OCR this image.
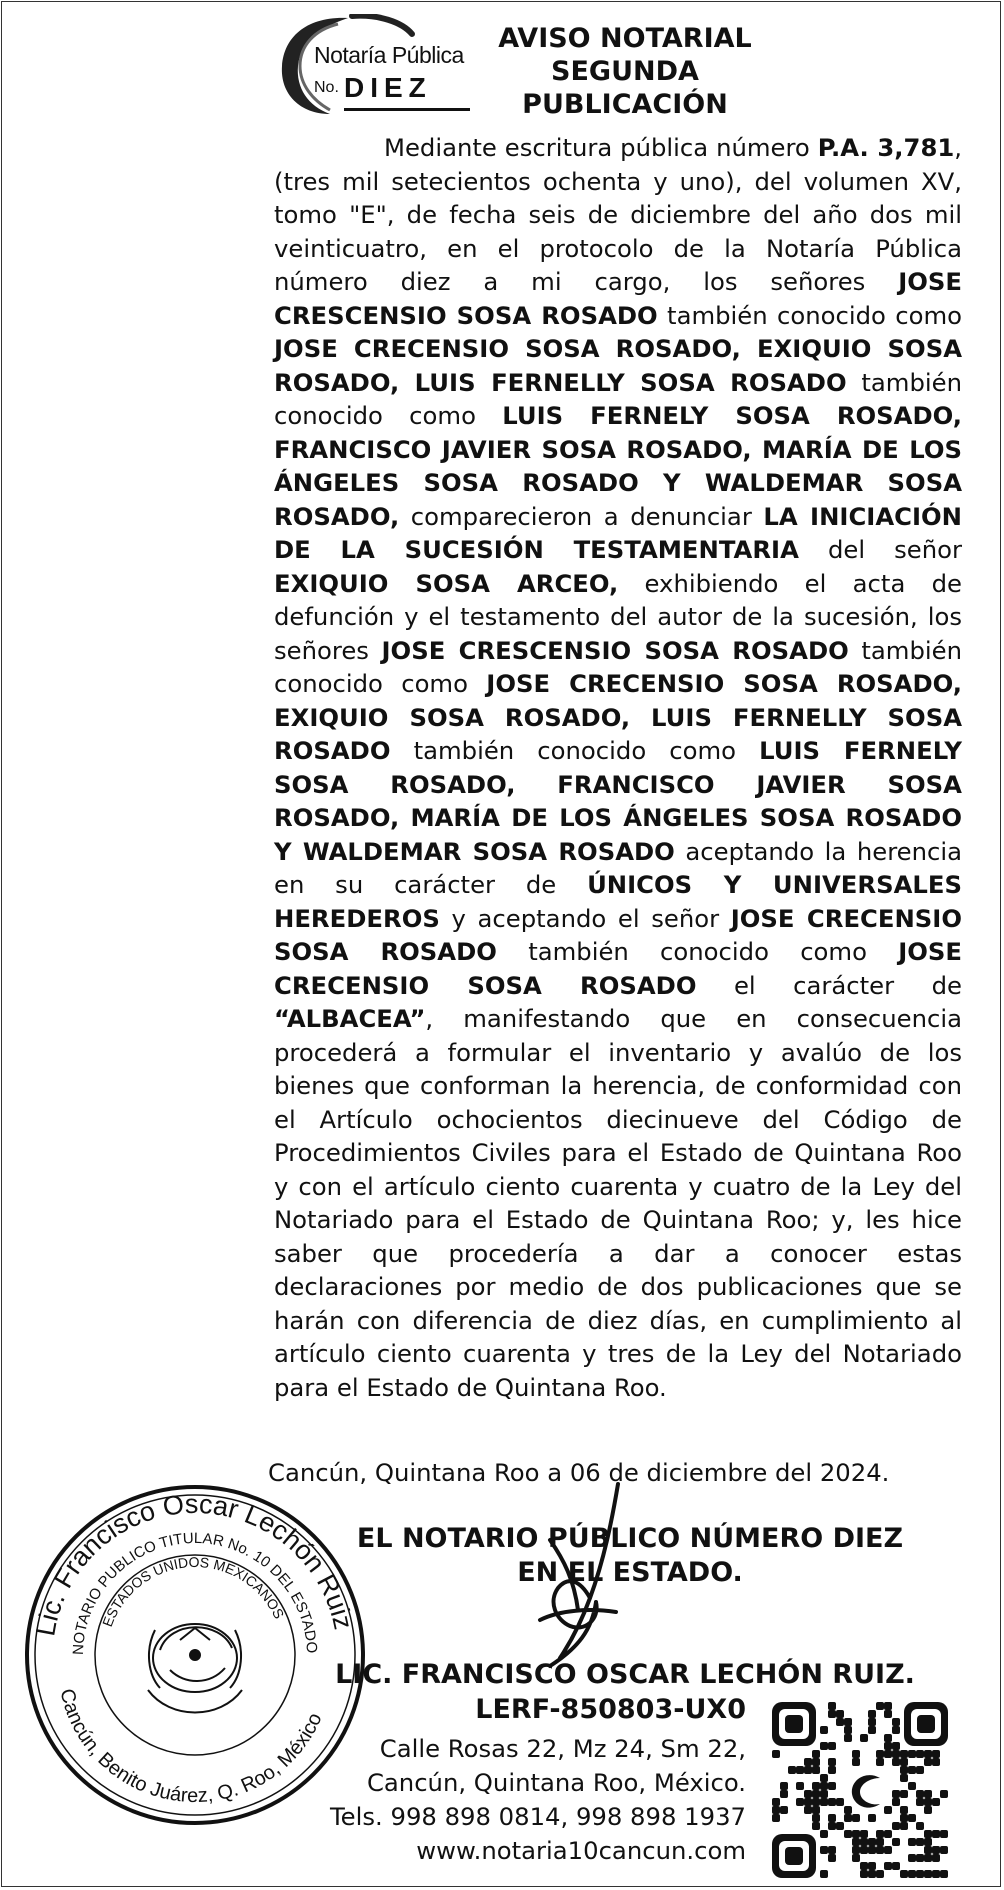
Notaría Pública
No. DIEZ
AVISO NOTARIAL
SEGUNDA
PUBLICACIÓN

Mediante escritura pública número P.A. 3,781, (tres mil setecientos ochenta y uno), del volumen XV, tomo "E", de fecha seis de diciembre del año dos mil veinticuatro, en el protocolo de la Notaría Pública número diez a mi cargo, los señores JOSE CRESCENSIO SOSA ROSADO también conocido como JOSE CRECENSIO SOSA ROSADO, EXIQUIO SOSA ROSADO, LUIS FERNELLY SOSA ROSADO también conocido como LUIS FERNELY SOSA ROSADO, FRANCISCO JAVIER SOSA ROSADO, MARÍA DE LOS ÁNGELES SOSA ROSADO Y WALDEMAR SOSA ROSADO, comparecieron a denunciar LA INICIACIÓN DE LA SUCESIÓN TESTAMENTARIA del señor EXIQUIO SOSA ARCEO, exhibiendo el acta de defunción y el testamento del autor de la sucesión, los señores JOSE CRESCENSIO SOSA ROSADO también conocido como JOSE CRECENSIO SOSA ROSADO, EXIQUIO SOSA ROSADO, LUIS FERNELLY SOSA ROSADO también conocido como LUIS FERNELY SOSA ROSADO, FRANCISCO JAVIER SOSA ROSADO, MARÍA DE LOS ÁNGELES SOSA ROSADO Y WALDEMAR SOSA ROSADO aceptando la herencia en su carácter de ÚNICOS Y UNIVERSALES HEREDEROS y aceptando el señor JOSE CRECENSIO SOSA ROSADO también conocido como JOSE CRECENSIO SOSA ROSADO el carácter de “ALBACEA”, manifestando que en consecuencia procederá a formular el inventario y avalúo de los bienes que conforman la herencia, de conformidad con el Artículo ochocientos diecinueve del Código de Procedimientos Civiles para el Estado de Quintana Roo y con el artículo ciento cuarenta y cuatro de la Ley del Notariado para el Estado de Quintana Roo; y, les hice saber que procedería a dar a conocer estas declaraciones por medio de dos publicaciones que se harán con diferencia de diez días, en cumplimiento al artículo ciento cuarenta y tres de la Ley del Notariado para el Estado de Quintana Roo.

Cancún, Quintana Roo a 06 de diciembre del 2024.
Lic. Francisco Oscar Lechón Ruiz
NOTARIO PUBLICO TITULAR No. 10 DEL ESTADO
ESTADOS UNIDOS MEXICANOS
Cancún, Benito Juárez, Q. Roo, México
EL NOTARIO PÚBLICO NÚMERO DIEZ
EN EL ESTADO.
LIC. FRANCISCO OSCAR LECHÓN RUIZ.
LERF-850803-UX0
Calle Rosas 22, Mz 24, Sm 22,
Cancún, Quintana Roo, México.
Tels. 998 898 0814, 998 898 1937
www.notaria10cancun.com
